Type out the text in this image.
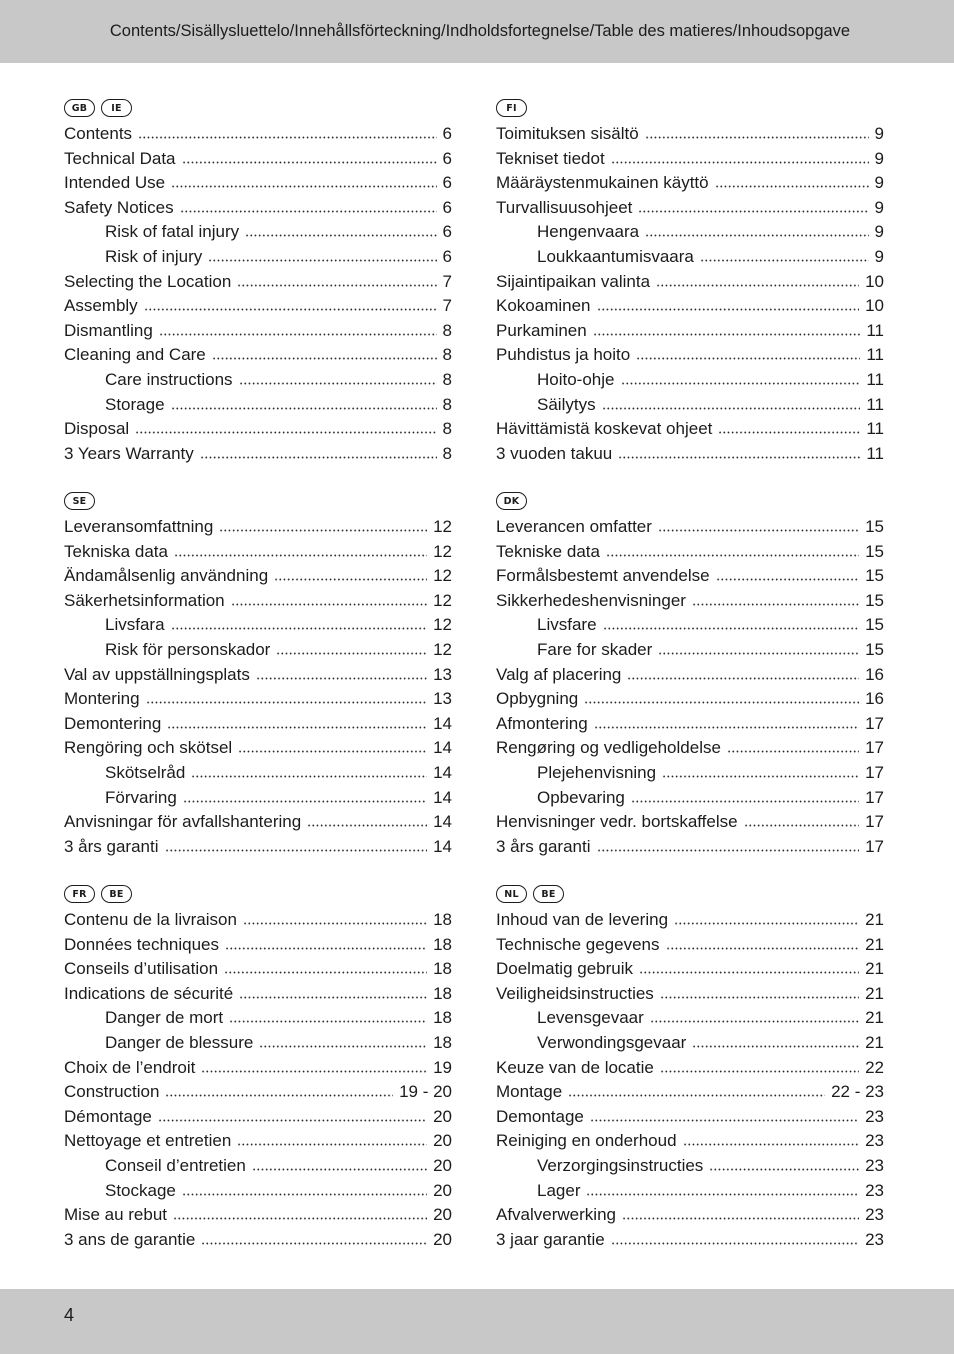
Contents/Sisällysluettelo/Innehållsförteckning/Indholdsfortegnelse/Table des matieres/Inhoudsopgave
GB	IE
Contents	6
Technical Data	6
Intended Use	6
Safety Notices	6
Risk of fatal injury	6
Risk of injury	6
Selecting the Location	7
Assembly	7
Dismantling	8
Cleaning and Care	8
Care instructions	8
Storage	8
Disposal	8
3 Years Warranty	8
FI
Toimituksen sisältö	9
Tekniset tiedot	9
Määräystenmukainen käyttö	9
Turvallisuusohjeet	9
Hengenvaara	9
Loukkaantumisvaara	9
Sijaintipaikan valinta	10
Kokoaminen	10
Purkaminen	11
Puhdistus ja hoito	11
Hoito-ohje	11
Säilytys	11
Hävittämistä koskevat ohjeet	11
3 vuoden takuu	11
SE
Leveransomfattning	12
Tekniska data	12
Ändamålsenlig användning	12
Säkerhetsinformation	12
Livsfara	12
Risk för personskador	12
Val av uppställningsplats	13
Montering	13
Demontering	14
Rengöring och skötsel	14
Skötselråd	14
Förvaring	14
Anvisningar för avfallshantering	14
3 års garanti	14
DK
Leverancen omfatter	15
Tekniske data	15
Formålsbestemt anvendelse	15
Sikkerhedeshenvisninger	15
Livsfare	15
Fare for skader	15
Valg af placering	16
Opbygning	16
Afmontering	17
Rengøring og vedligeholdelse	17
Plejehenvisning	17
Opbevaring	17
Henvisninger vedr. bortskaffelse	17
3 års garanti	17
FR	BE
Contenu de la livraison	18
Données techniques	18
Conseils d’utilisation	18
Indications de sécurité	18
Danger de mort	18
Danger de blessure	18
Choix de l’endroit	19
Construction	19 - 20
Démontage	20
Nettoyage et entretien	20
Conseil d’entretien	20
Stockage	20
Mise au rebut	20
3 ans de garantie	20
NL	BE
Inhoud van de levering	21
Technische gegevens	21
Doelmatig gebruik	21
Veiligheidsinstructies	21
Levensgevaar	21
Verwondingsgevaar	21
Keuze van de locatie	22
Montage	22 - 23
Demontage	23
Reiniging en onderhoud	23
Verzorgingsinstructies	23
Lager	23
Afvalverwerking	23
3 jaar garantie	23
4
